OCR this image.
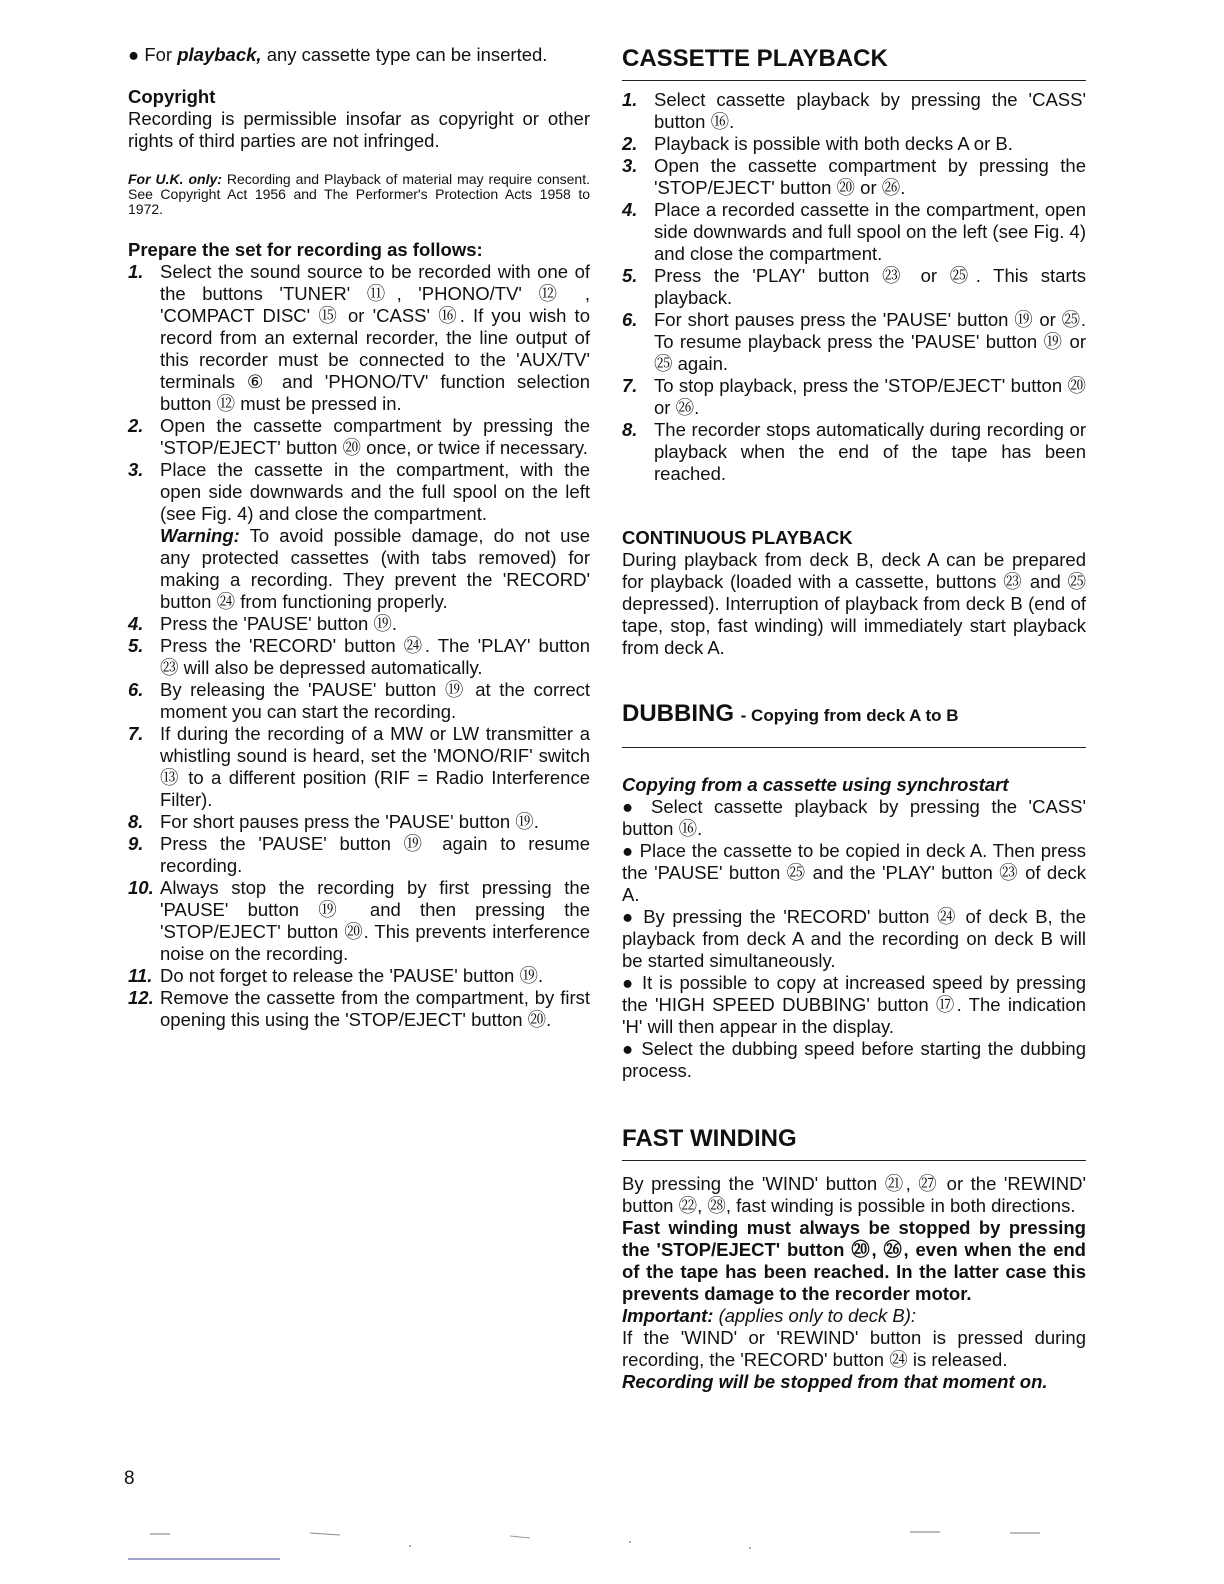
● For playback, any cassette type can be inserted.

Copyright

Recording is permissible insofar as copyright or other rights of third parties are not infringed.

For U.K. only: Recording and Playback of material may require consent. See Copyright Act 1956 and The Performer's Protection Acts 1958 to 1972.

Prepare the set for recording as follows:

1. Select the sound source to be recorded with one of the buttons 'TUNER' ⑪, 'PHONO/TV' ⑫ , 'COMPACT DISC' ⑮ or 'CASS' ⑯. If you wish to record from an external recorder, the line output of this recorder must be connected to the 'AUX/TV' terminals ⑥ and 'PHONO/TV' function selection button ⑫ must be pressed in.
2. Open the cassette compartment by pressing the 'STOP/EJECT' button ⑳ once, or twice if necessary.
3. Place the cassette in the compartment, with the open side downwards and the full spool on the left (see Fig. 4) and close the compartment.
Warning: To avoid possible damage, do not use any protected cassettes (with tabs removed) for making a recording. They prevent the 'RECORD' button ㉔ from functioning properly.
4. Press the 'PAUSE' button ⑲.
5. Press the 'RECORD' button ㉔. The 'PLAY' button ㉓ will also be depressed automatically.
6. By releasing the 'PAUSE' button ⑲ at the correct moment you can start the recording.
7. If during the recording of a MW or LW transmitter a whistling sound is heard, set the 'MONO/RIF' switch ⑬ to a different position (RIF = Radio Interference Filter).
8. For short pauses press the 'PAUSE' button ⑲.
9. Press the 'PAUSE' button ⑲ again to resume recording.
10. Always stop the recording by first pressing the 'PAUSE' button ⑲ and then pressing the 'STOP/EJECT' button ⑳. This prevents interference noise on the recording.
11. Do not forget to release the 'PAUSE' button ⑲.
12. Remove the cassette from the compartment, by first opening this using the 'STOP/EJECT' button ⑳.
CASSETTE PLAYBACK
1. Select cassette playback by pressing the 'CASS' button ⑯.
2. Playback is possible with both decks A or B.
3. Open the cassette compartment by pressing the 'STOP/EJECT' button ⑳ or ㉖.
4. Place a recorded cassette in the compartment, open side downwards and full spool on the left (see Fig. 4) and close the compartment.
5. Press the 'PLAY' button ㉓ or ㉕. This starts playback.
6. For short pauses press the 'PAUSE' button ⑲ or ㉕. To resume playback press the 'PAUSE' button ⑲ or ㉕ again.
7. To stop playback, press the 'STOP/EJECT' button ⑳ or ㉖.
8. The recorder stops automatically during recording or playback when the end of the tape has been reached.

CONTINUOUS PLAYBACK

During playback from deck B, deck A can be prepared for playback (loaded with a cassette, buttons ㉓ and ㉕ depressed). Interruption of playback from deck B (end of tape, stop, fast winding) will immediately start playback from deck A.

DUBBING - Copying from deck A to B

Copying from a cassette using synchrostart

● Select cassette playback by pressing the 'CASS' button ⑯.

● Place the cassette to be copied in deck A. Then press the 'PAUSE' button ㉕ and the 'PLAY' button ㉓ of deck A.

● By pressing the 'RECORD' button ㉔ of deck B, the playback from deck A and the recording on deck B will be started simultaneously.

● It is possible to copy at increased speed by pressing the 'HIGH SPEED DUBBING' button ⑰. The indication 'H' will then appear in the display.

● Select the dubbing speed before starting the dubbing process.

FAST WINDING

By pressing the 'WIND' button ㉑, ㉗ or the 'REWIND' button ㉒, ㉘, fast winding is possible in both directions.

Fast winding must always be stopped by pressing the 'STOP/EJECT' button ⑳, ㉖, even when the end of the tape has been reached. In the latter case this prevents damage to the recorder motor.

Important: (applies only to deck B):

If the 'WIND' or 'REWIND' button is pressed during recording, the 'RECORD' button ㉔ is released.

Recording will be stopped from that moment on.

8
